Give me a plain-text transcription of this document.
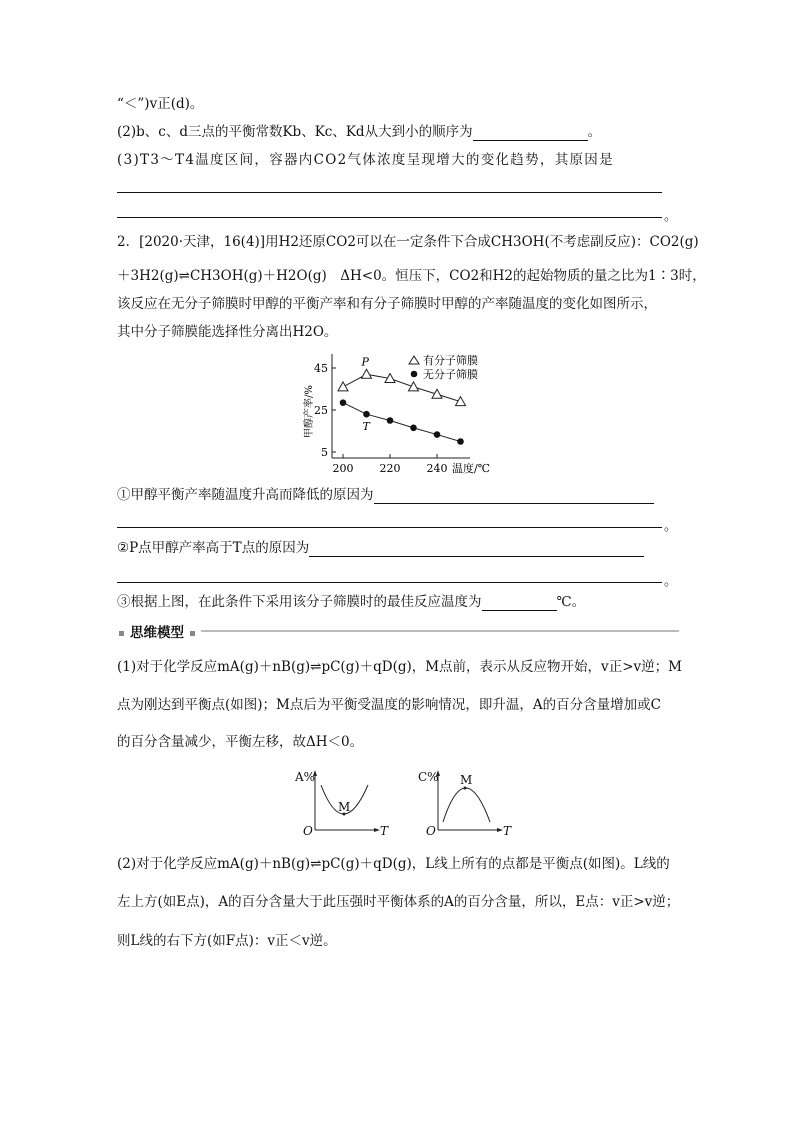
“＜”)v正(d)。
(2)b、c、d三点的平衡常数Kb、Kc、Kd从大到小的顺序为	。
(3)T3～T4温度区间，容器内CO2气体浓度呈现增大的变化趋势，其原因是
。
2．[2020·天津，16(4)]用H2还原CO2可以在一定条件下合成CH3OH(不考虑副反应)：CO2(g)
＋3H2(g)⇌CH3OH(g)＋H2O(g)　ΔH<0。恒压下，CO2和H2的起始物质的量之比为1∶3时，
该反应在无分子筛膜时甲醇的平衡产率和有分子筛膜时甲醇的产率随温度的变化如图所示，
其中分子筛膜能选择性分离出H2O。
5
25
45
200 220 240 温度/℃
甲醇产率/%
P	有分子筛膜
T
无分子筛膜
①甲醇平衡产率随温度升高而降低的原因为
。
②P点甲醇产率高于T点的原因为
。
③根据上图，在此条件下采用该分子筛膜时的最佳反应温度为	℃。
思维模型
(1)对于化学反应mA(g)＋nB(g)⇌pC(g)＋qD(g)，M点前，表示从反应物开始，v正>v逆；M
点为刚达到平衡点(如图)；M点后为平衡受温度的影响情况，即升温，A的百分含量增加或C
的百分含量减少，平衡左移，故ΔH＜0。
A%
M
O	T
C% M
O	T
(2)对于化学反应mA(g)＋nB(g)⇌pC(g)＋qD(g)，L线上所有的点都是平衡点(如图)。L线的
左上方(如E点)，A的百分含量大于此压强时平衡体系的A的百分含量，所以，E点：v正>v逆；
则L线的右下方(如F点)：v正＜v逆。
